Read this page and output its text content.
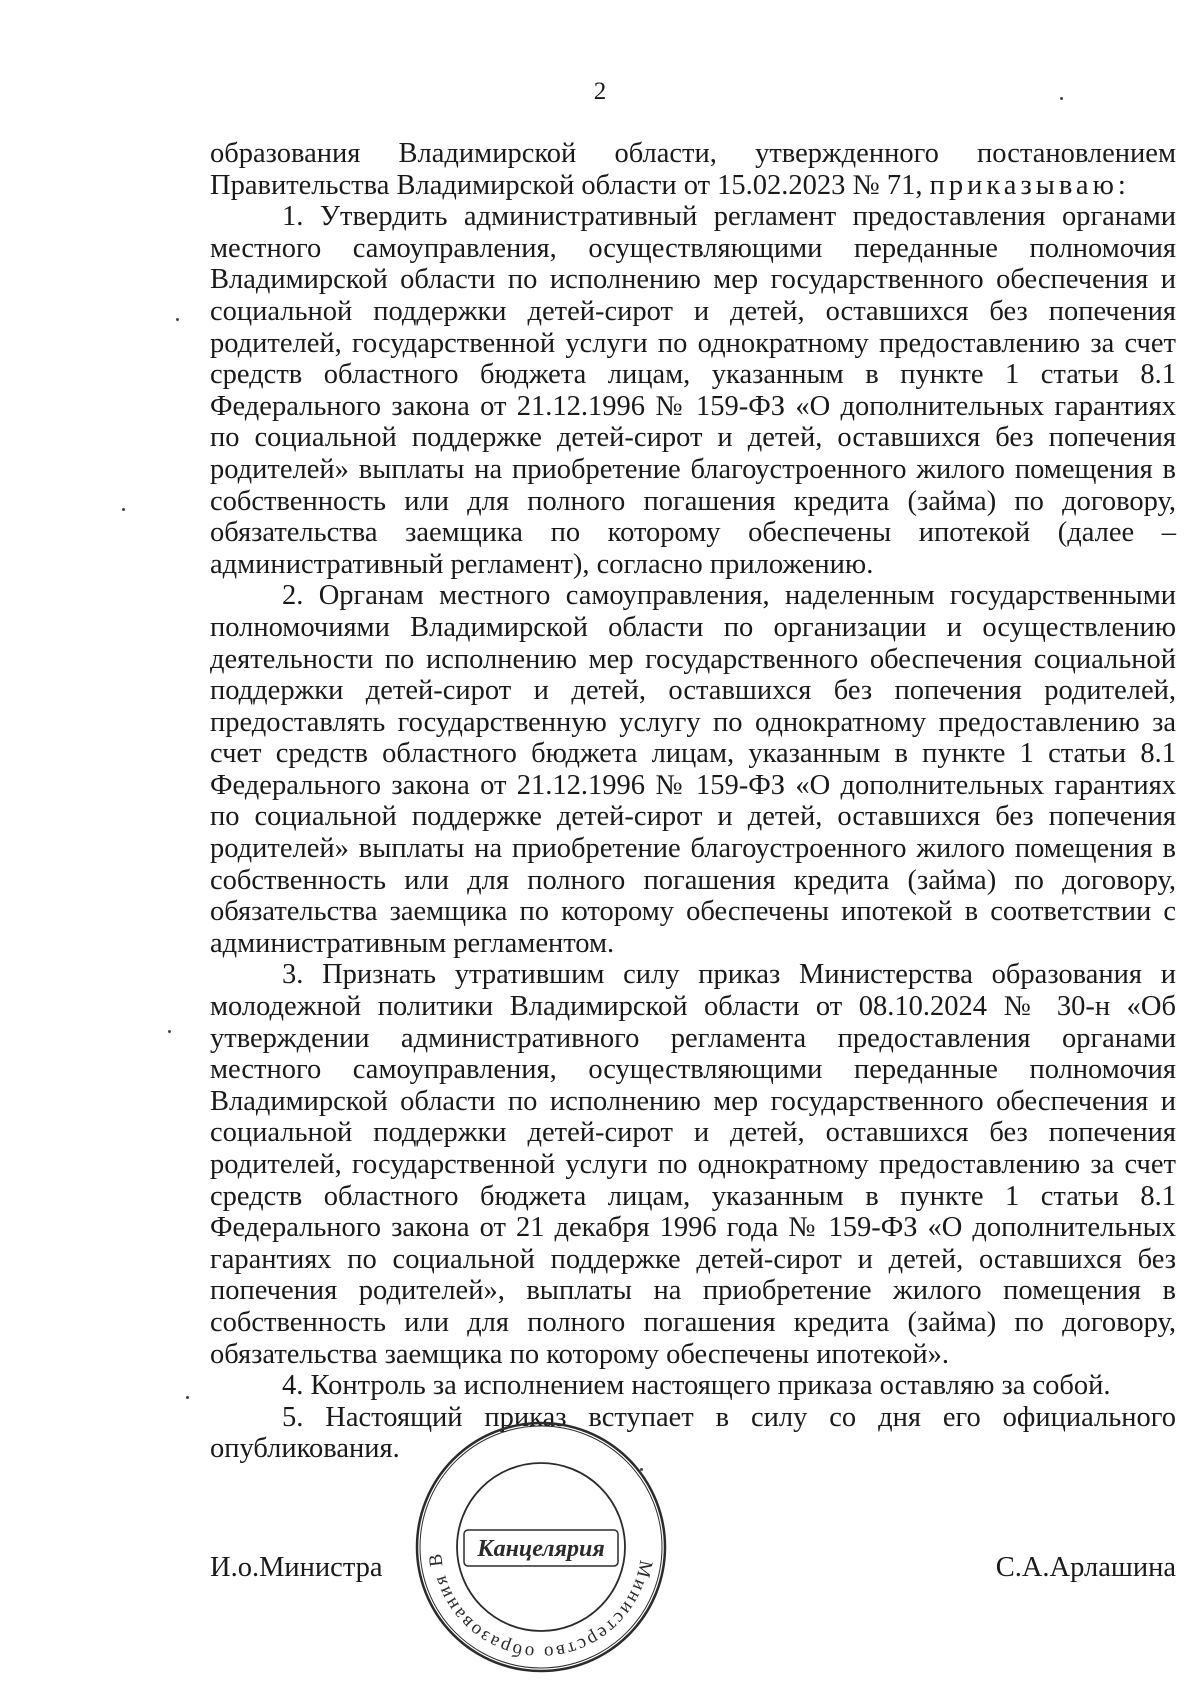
2

образования Владимирской области, утвержденного постановлением Правительства Владимирской области от 15.02.2023 № 71, приказываю:

1. Утвердить административный регламент предоставления органами местного самоуправления, осуществляющими переданные полномочия Владимирской области по исполнению мер государственного обеспечения и социальной поддержки детей-сирот и детей, оставшихся без попечения родителей, государственной услуги по однократному предоставлению за счет средств областного бюджета лицам, указанным в пункте 1 статьи 8.1 Федерального закона от 21.12.1996 № 159-ФЗ «О дополнительных гарантиях по социальной поддержке детей-сирот и детей, оставшихся без попечения родителей» выплаты на приобретение благоустроенного жилого помещения в собственность или для полного погашения кредита (займа) по договору, обязательства заемщика по которому обеспечены ипотекой (далее – административный регламент), согласно приложению.

2. Органам местного самоуправления, наделенным государственными полномочиями Владимирской области по организации и осуществлению деятельности по исполнению мер государственного обеспечения социальной поддержки детей-сирот и детей, оставшихся без попечения родителей, предоставлять государственную услугу по однократному предоставлению за счет средств областного бюджета лицам, указанным в пункте 1 статьи 8.1 Федерального закона от 21.12.1996 № 159-ФЗ «О дополнительных гарантиях по социальной поддержке детей-сирот и детей, оставшихся без попечения родителей» выплаты на приобретение благоустроенного жилого помещения в собственность или для полного погашения кредита (займа) по договору, обязательства заемщика по которому обеспечены ипотекой в соответствии с административным регламентом.

3. Признать утратившим силу приказ Министерства образования и молодежной политики Владимирской области от 08.10.2024 № 30-н «Об утверждении административного регламента предоставления органами местного самоуправления, осуществляющими переданные полномочия Владимирской области по исполнению мер государственного обеспечения и социальной поддержки детей-сирот и детей, оставшихся без попечения родителей, государственной услуги по однократному предоставлению за счет средств областного бюджета лицам, указанным в пункте 1 статьи 8.1 Федерального закона от 21 декабря 1996 года № 159-ФЗ «О дополнительных гарантиях по социальной поддержке детей-сирот и детей, оставшихся без попечения родителей», выплаты на приобретение жилого помещения в собственность или для полного погашения кредита (займа) по договору, обязательства заемщика по которому обеспечены ипотекой».

4. Контроль за исполнением настоящего приказа оставляю за собой.

5. Настоящий приказ вступает в силу со дня его официального опубликования.

И.о.Министра	С.А.Арлашина
Министерство образования В	Канцелярия
